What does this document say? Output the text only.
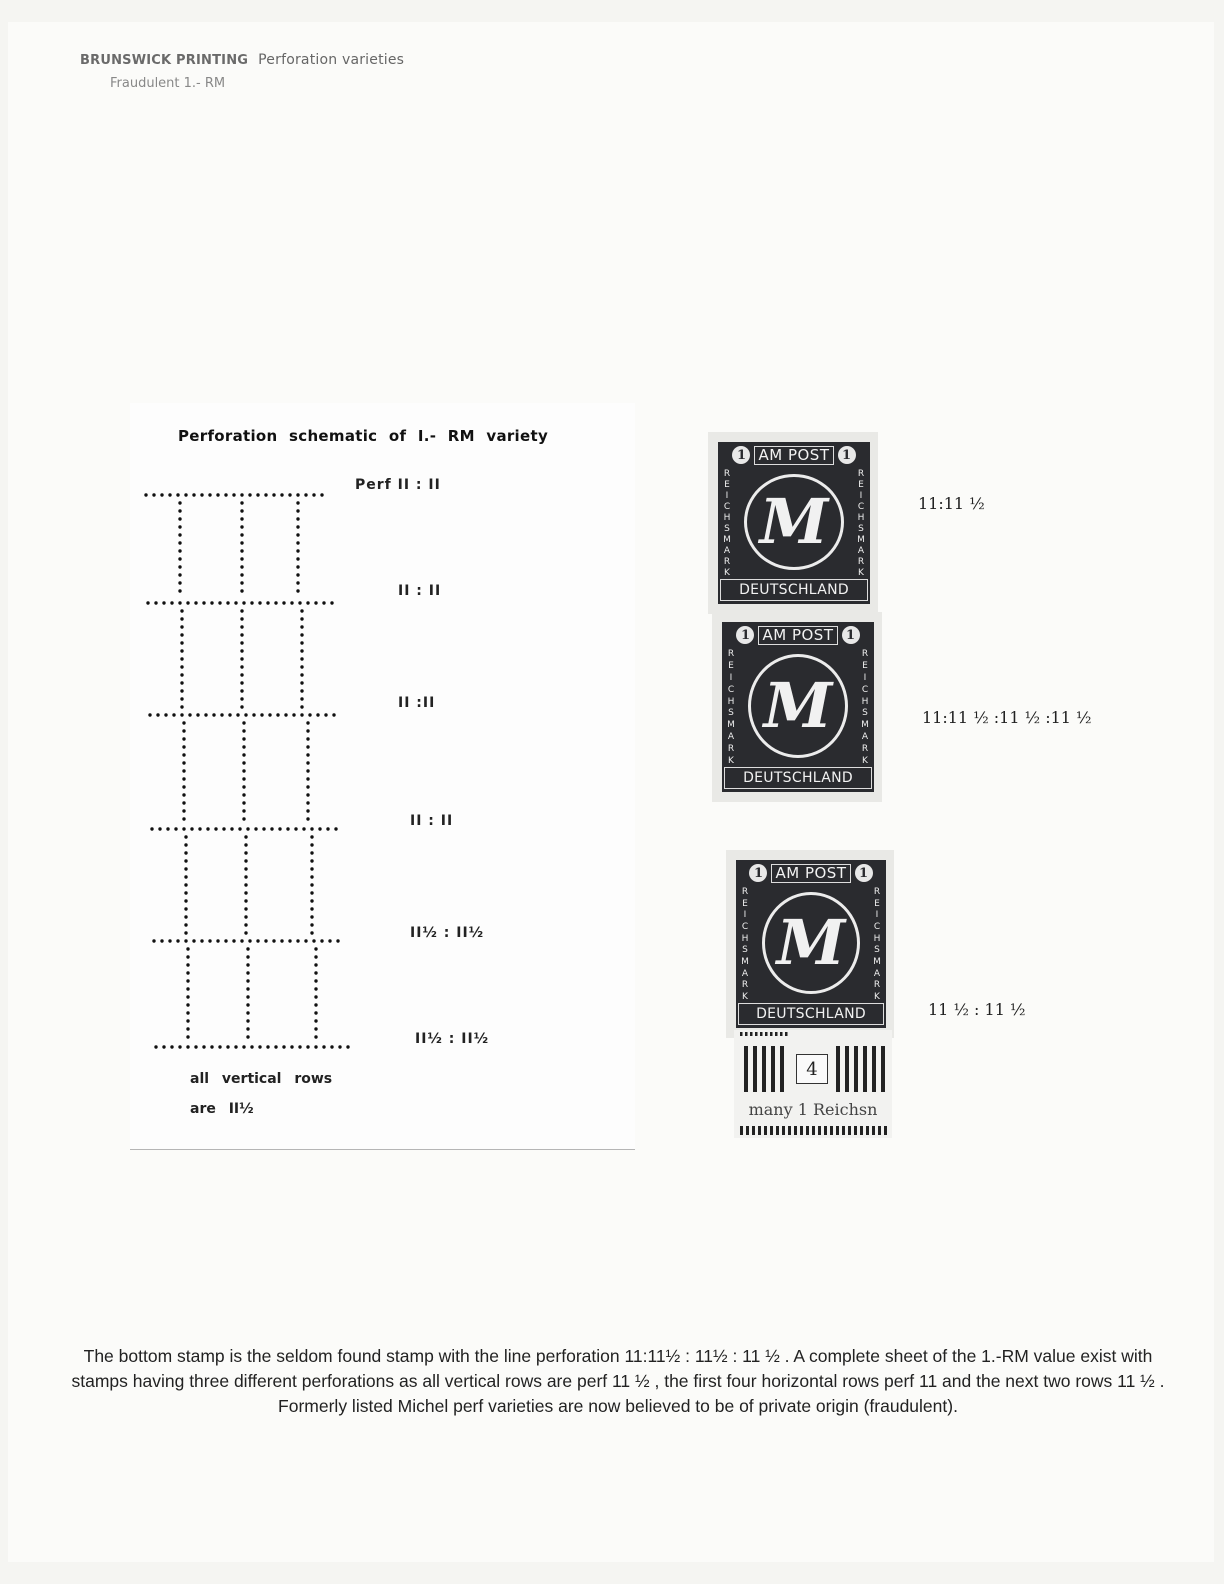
BRUNSWICK PRINTING Perforation varieties
Fraudulent 1.- RM
Perforation schematic of I.- RM variety
Perf II : II
II : II
II :II
II : II
II½ : II½
II½ : II½
all vertical rows
are II½
1 AM POST 1
R
E
I
C
H
S
M
A
R
K
R
E
I
C
H
S
M
A
R
K
M
DEUTSCHLAND
1 AM POST 1
R
E
I
C
H
S
M
A
R
K
R
E
I
C
H
S
M
A
R
K
M
DEUTSCHLAND
1 AM POST 1
R
E
I
C
H
S
M
A
R
K
R
E
I
C
H
S
M
A
R
K
M
DEUTSCHLAND
4
many 1 Reichsn
11:11 ½
11:11 ½ :11 ½ :11 ½
11 ½ : 11 ½
The bottom stamp is the seldom found stamp with the line perforation 11:11½ : 11½ : 11 ½ . A complete sheet of the 1.-RM value exist with stamps having three different perforations as all vertical rows are perf 11 ½ , the first four horizontal rows perf 11 and the next two rows 11 ½ . Formerly listed Michel perf varieties are now believed to be of private origin (fraudulent).
